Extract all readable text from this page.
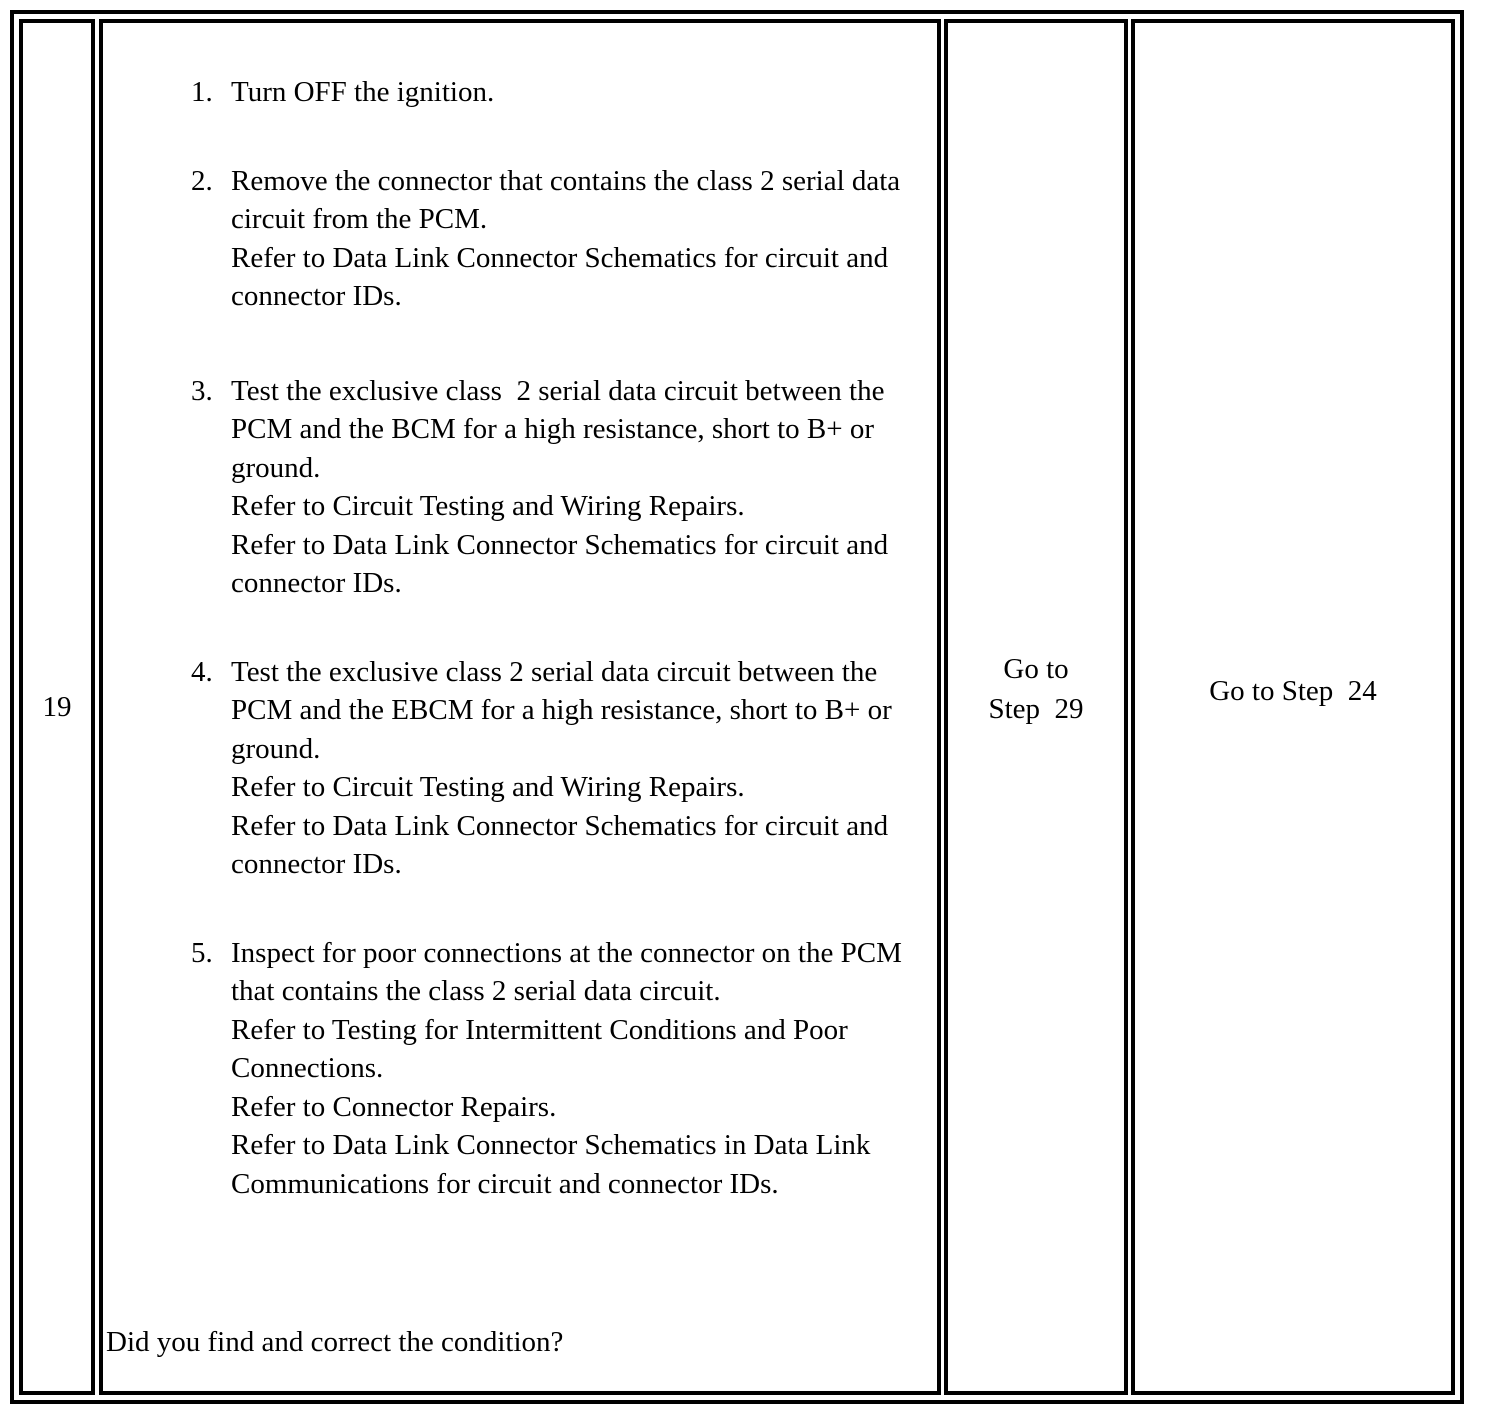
19
1. Turn OFF the ignition.
2. Remove the connector that contains the class 2 serial data circuit from the PCM.
Refer to Data Link Connector Schematics for circuit and connector IDs.
3. Test the exclusive class  2 serial data circuit between the PCM and the BCM for a high resistance, short to B+ or ground.
Refer to Circuit Testing and Wiring Repairs.
Refer to Data Link Connector Schematics for circuit and connector IDs.
4. Test the exclusive class 2 serial data circuit between the PCM and the EBCM for a high resistance, short to B+ or ground.
Refer to Circuit Testing and Wiring Repairs.
Refer to Data Link Connector Schematics for circuit and connector IDs.
5. Inspect for poor connections at the connector on the PCM that contains the class 2 serial data circuit.
Refer to Testing for Intermittent Conditions and Poor Connections.
Refer to Connector Repairs.
Refer to Data Link Connector Schematics in Data Link Communications for circuit and connector IDs.
Did you find and correct the condition?
Go to
Step  29
Go to Step  24
